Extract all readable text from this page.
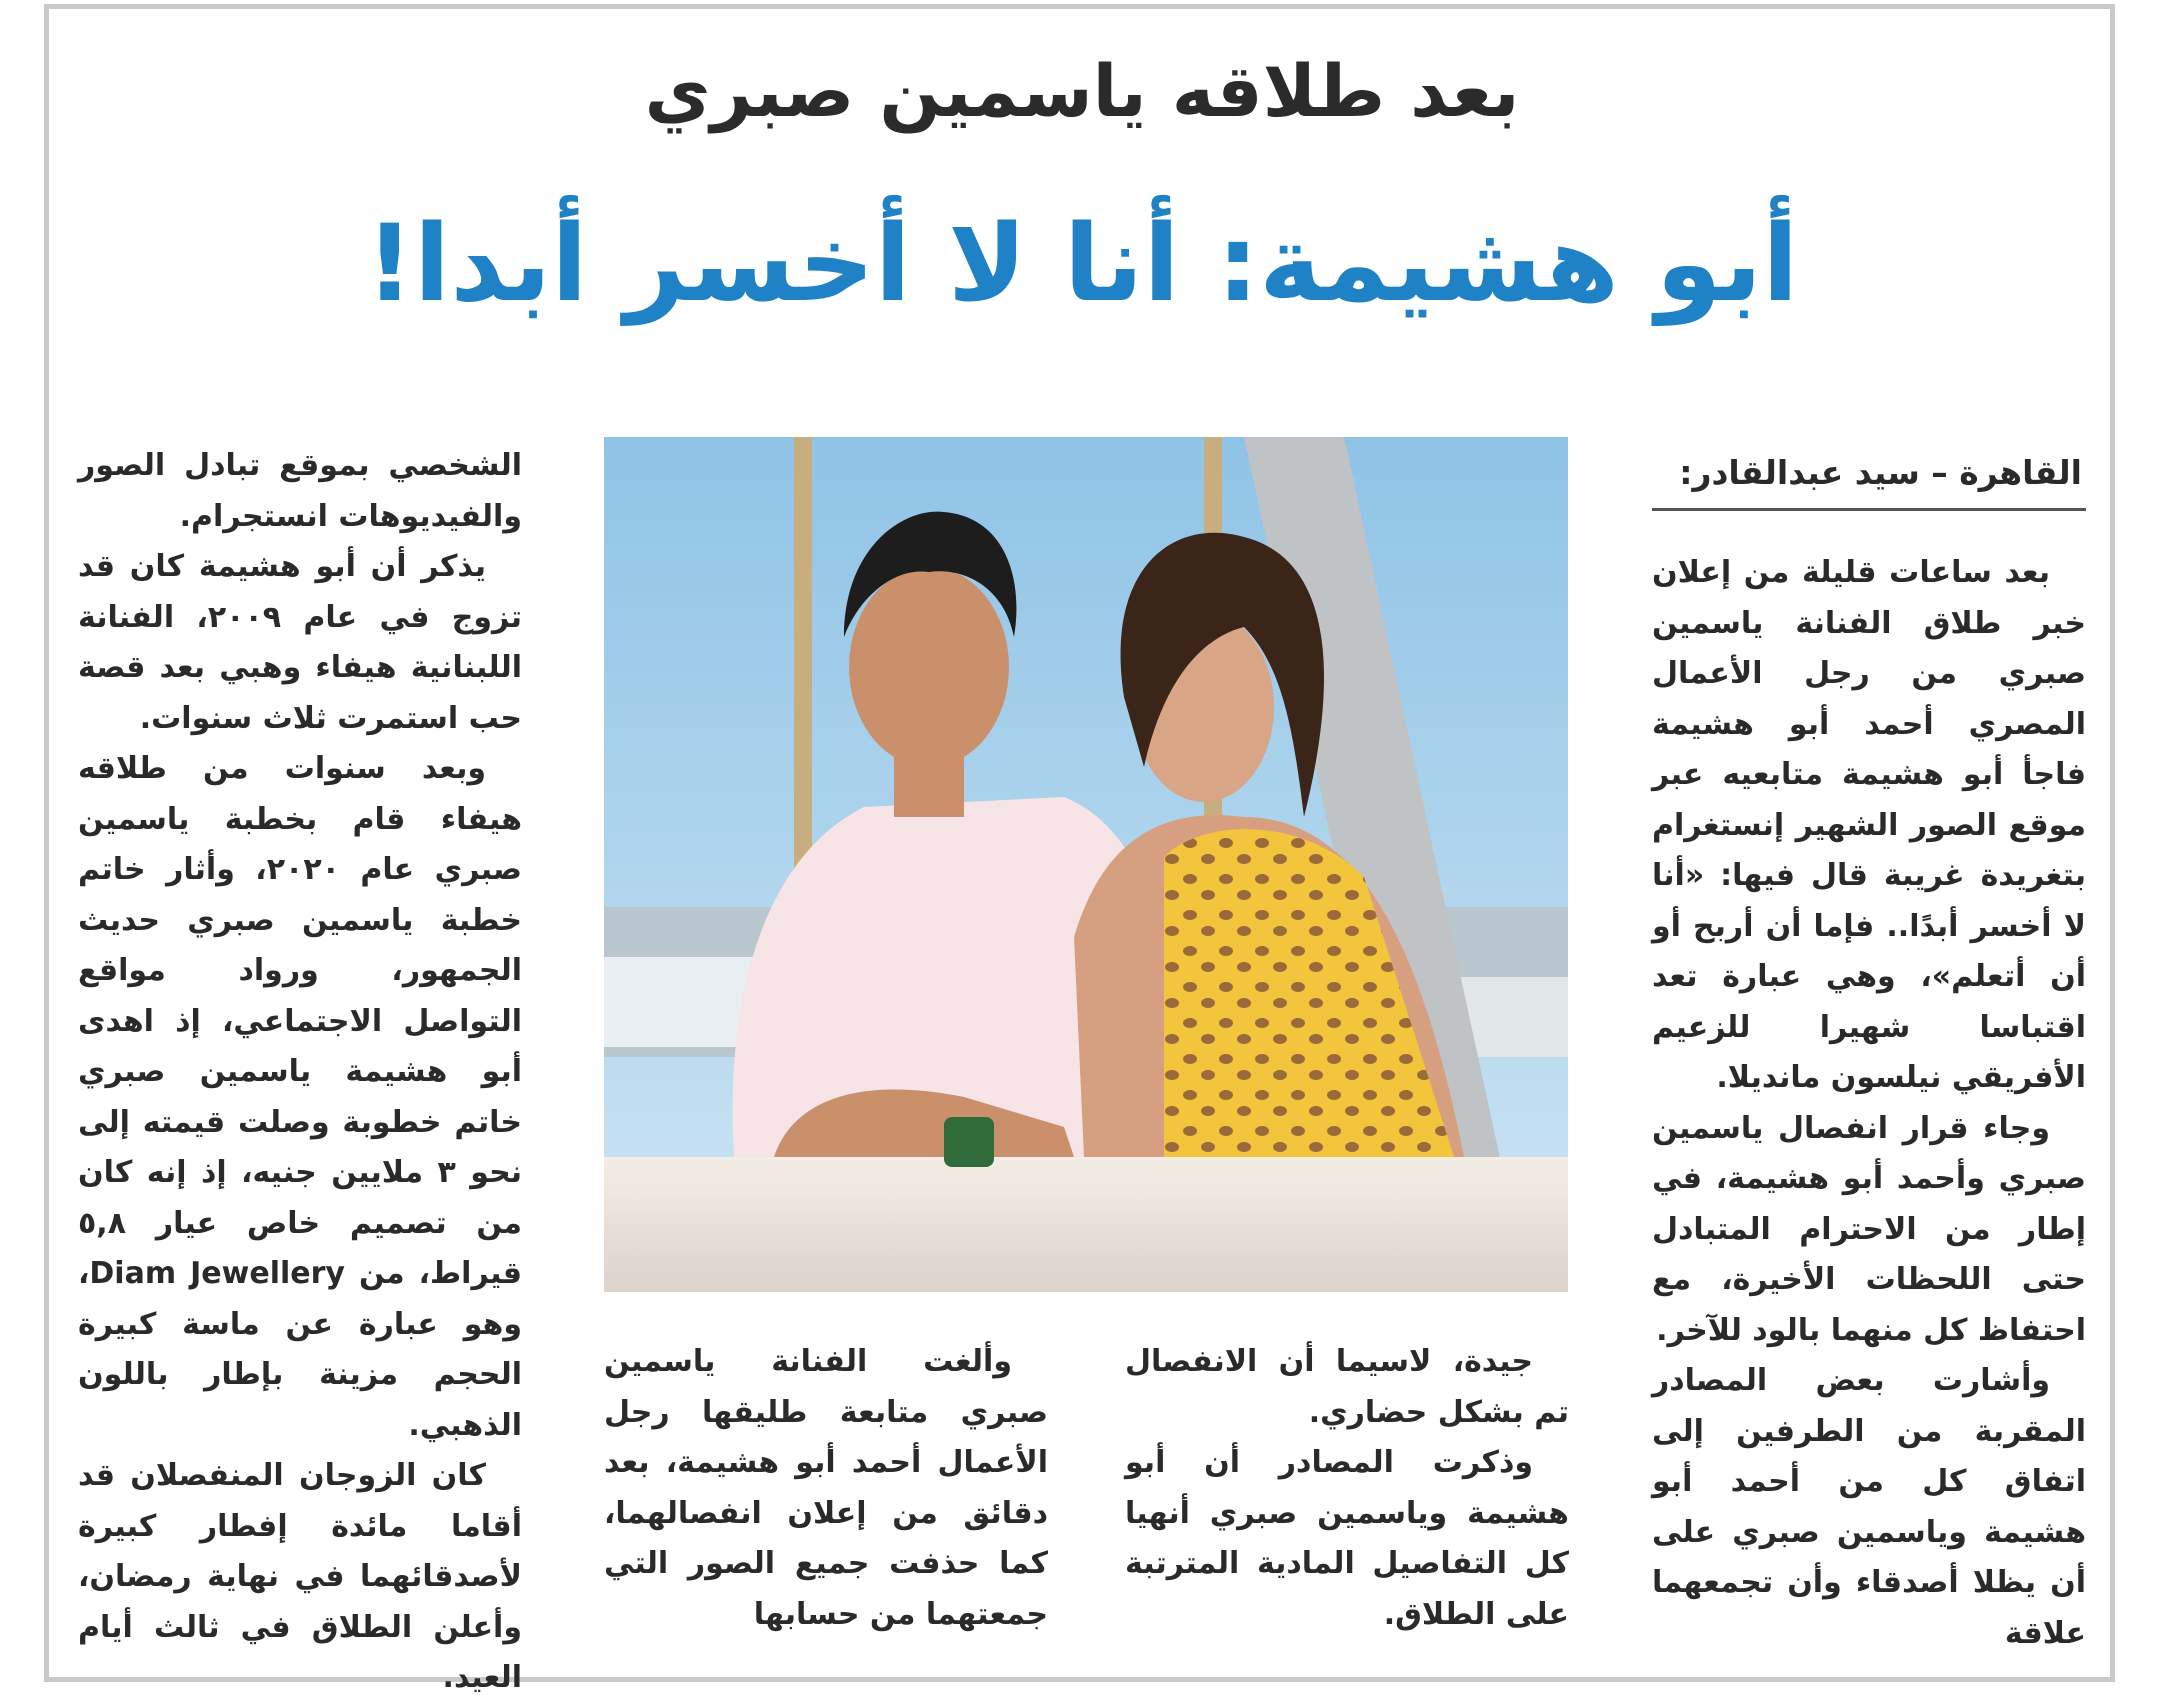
بعد طلاقه ياسمين صبري
أبو هشيمة: أنا لا أخسر أبدا!
القاهرة – سيد عبدالقادر:

بعد ساعات قليلة من إعلان خبر طلاق الفنانة ياسمين صبري من رجل الأعمال المصري أحمد أبو هشيمة فاجأ أبو هشيمة متابعيه عبر موقع الصور الشهير إنستغرام بتغريدة غريبة قال فيها: «أنا لا أخسر أبدًا.. فإما أن أربح أو أن أتعلم»، وهي عبارة تعد اقتباسا شهيرا للزعيم الأفريقي نيلسون مانديلا.

وجاء قرار انفصال ياسمين صبري وأحمد أبو هشيمة، في إطار من الاحترام المتبادل حتى اللحظات الأخيرة، مع احتفاظ كل منهما بالود للآخر.

وأشارت بعض المصادر المقربة من الطرفين إلى اتفاق كل من أحمد أبو هشيمة وياسمين صبري على أن يظلا أصدقاء وأن تجمعهما علاقة

جيدة، لاسيما أن الانفصال تم بشكل حضاري.

وذكرت المصادر أن أبو هشيمة وياسمين صبري أنهيا كل التفاصيل المادية المترتبة على الطلاق.

وألغت الفنانة ياسمين صبري متابعة طليقها رجل الأعمال أحمد أبو هشيمة، بعد دقائق من إعلان انفصالهما، كما حذفت جميع الصور التي جمعتهما من حسابها

الشخصي بموقع تبادل الصور والفيديوهات انستجرام.

يذكر أن أبو هشيمة كان قد تزوج في عام ٢٠٠٩، الفنانة اللبنانية هيفاء وهبي بعد قصة حب استمرت ثلاث سنوات.

وبعد سنوات من طلاقه هيفاء قام بخطبة ياسمين صبري عام ٢٠٢٠، وأثار خاتم خطبة ياسمين صبري حديث الجمهور، ورواد مواقع التواصل الاجتماعي، إذ اهدى أبو هشيمة ياسمين صبري خاتم خطوبة وصلت قيمته إلى نحو ٣ ملايين جنيه، إذ إنه كان من تصميم خاص عيار ٥,٨ قيراط، من Diam Jewellery، وهو عبارة عن ماسة كبيرة الحجم مزينة بإطار باللون الذهبي.

كان الزوجان المنفصلان قد أقاما مائدة إفطار كبيرة لأصدقائهما في نهاية رمضان، وأعلن الطلاق في ثالث أيام العيد.
